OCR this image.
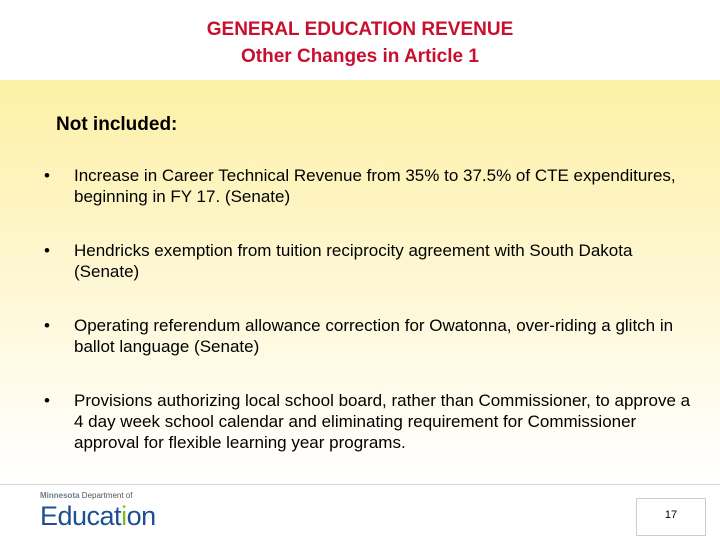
GENERAL EDUCATION REVENUE
Other Changes in Article 1
Not included:
•	Increase in Career Technical Revenue from 35% to 37.5% of CTE expenditures, beginning in FY 17. (Senate)
•	Hendricks exemption from tuition reciprocity agreement with South Dakota (Senate)
•	Operating referendum allowance correction for Owatonna, over-riding a glitch in ballot language (Senate)
•	Provisions authorizing local school board, rather than Commissioner, to approve a 4 day week school calendar and eliminating requirement for Commissioner approval for flexible learning year programs.
Minnesota Department of
Education	17
